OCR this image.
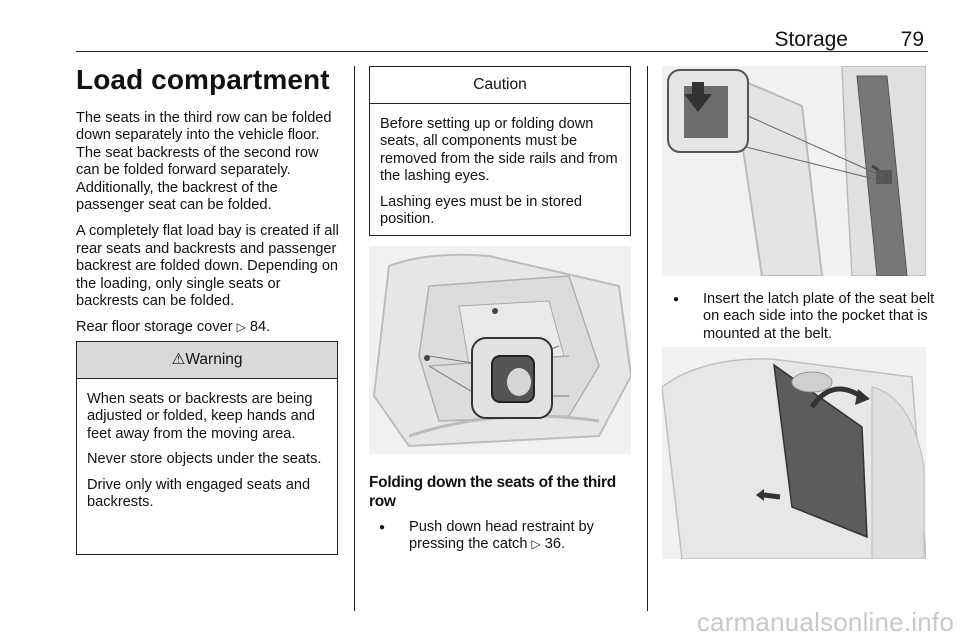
Storage	79
Load compartment

The seats in the third row can be folded down separately into the vehicle floor. The seat backrests of the second row can be folded forward separately. Additionally, the backrest of the passenger seat can be folded.

A completely flat load bay is created if all rear seats and backrests and passenger backrest are folded down. Depending on the loading, only single seats or backrests can be folded.

Rear floor storage cover ▷ 84.

⚠Warning

When seats or backrests are being adjusted or folded, keep hands and feet away from the moving area.

Never store objects under the seats.

Drive only with engaged seats and backrests.

Caution

Before setting up or folding down seats, all components must be removed from the side rails and from the lashing eyes.

Lashing eyes must be in stored position.

Folding down the seats of the third row
● Push down head restraint by pressing the catch ▷ 36.
● Insert the latch plate of the seat belt on each side into the pocket that is mounted at the belt.
carmanualsonline.info
